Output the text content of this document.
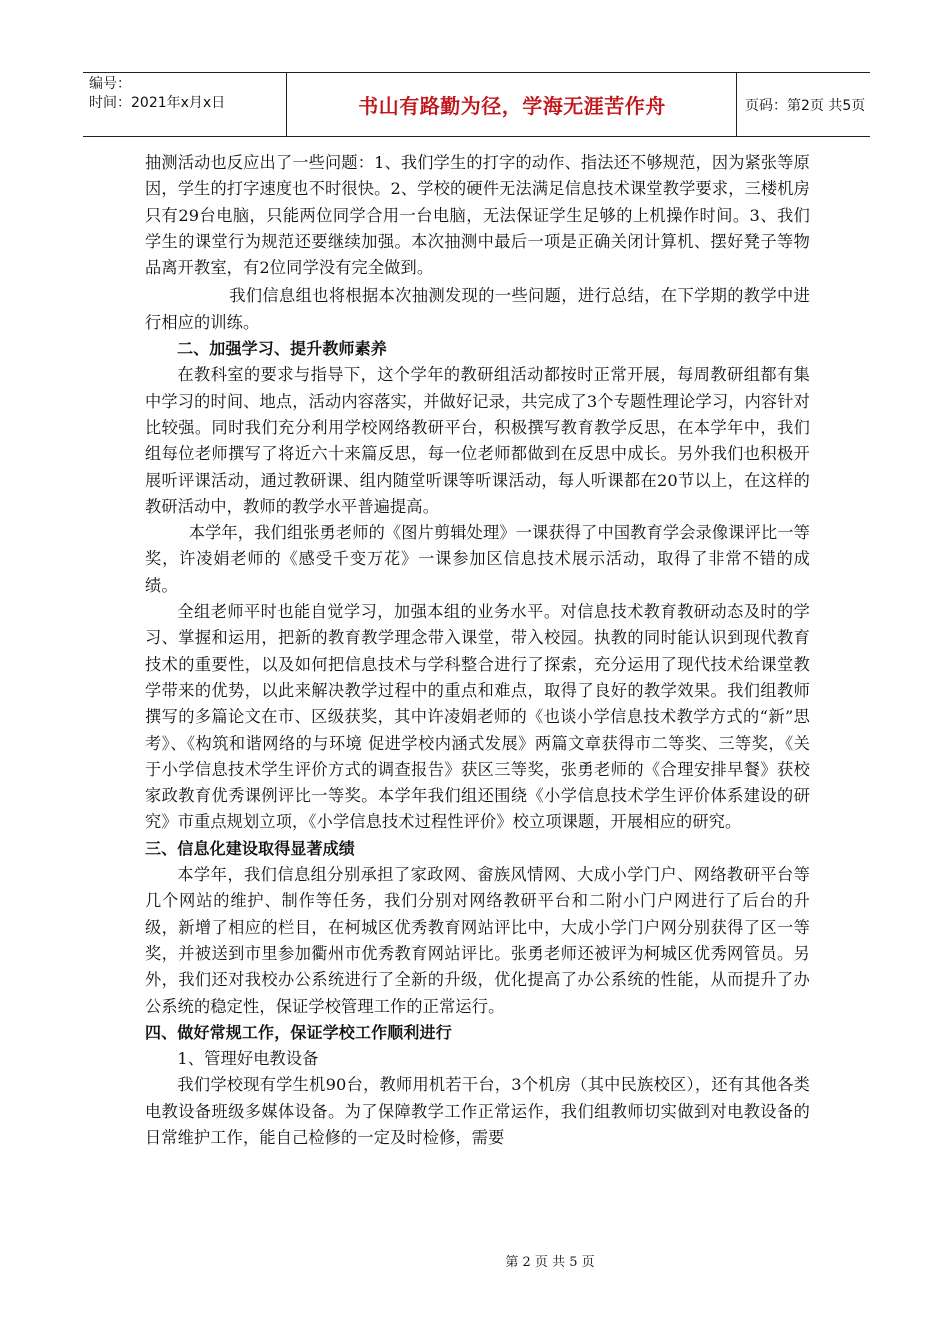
编号：
时间：2021年x月x日	书山有路勤为径，学海无涯苦作舟	页码：第2页 共5页

抽测活动也反应出了一些问题：1、我们学生的打字的动作、指法还不够规范，因为紧张等原因，学生的打字速度也不时很快。2、学校的硬件无法满足信息技术课堂教学要求，三楼机房只有29台电脑，只能两位同学合用一台电脑，无法保证学生足够的上机操作时间。3、我们学生的课堂行为规范还要继续加强。本次抽测中最后一项是正确关闭计算机、摆好凳子等物品离开教室，有2位同学没有完全做到。

我们信息组也将根据本次抽测发现的一些问题，进行总结，在下学期的教学中进行相应的训练。

二、加强学习、提升教师素养

在教科室的要求与指导下，这个学年的教研组活动都按时正常开展，每周教研组都有集中学习的时间、地点，活动内容落实，并做好记录，共完成了3个专题性理论学习，内容针对比较强。同时我们充分利用学校网络教研平台，积极撰写教育教学反思，在本学年中，我们组每位老师撰写了将近六十来篇反思，每一位老师都做到在反思中成长。另外我们也积极开展听评课活动，通过教研课、组内随堂听课等听课活动，每人听课都在20节以上，在这样的教研活动中，教师的教学水平普遍提高。

本学年，我们组张勇老师的《图片剪辑处理》一课获得了中国教育学会录像课评比一等奖，许凌娟老师的《感受千变万花》一课参加区信息技术展示活动，取得了非常不错的成绩。

全组老师平时也能自觉学习，加强本组的业务水平。对信息技术教育教研动态及时的学习、掌握和运用，把新的教育教学理念带入课堂，带入校园。执教的同时能认识到现代教育技术的重要性，以及如何把信息技术与学科整合进行了探索，充分运用了现代技术给课堂教学带来的优势，以此来解决教学过程中的重点和难点，取得了良好的教学效果。我们组教师撰写的多篇论文在市、区级获奖，其中许凌娟老师的《也谈小学信息技术教学方式的“新”思考》、《构筑和谐网络的与环境 促进学校内涵式发展》两篇文章获得市二等奖、三等奖，《关于小学信息技术学生评价方式的调查报告》获区三等奖，张勇老师的《合理安排早餐》获校家政教育优秀课例评比一等奖。本学年我们组还围绕《小学信息技术学生评价体系建设的研究》市重点规划立项，《小学信息技术过程性评价》校立项课题，开展相应的研究。

三、信息化建设取得显著成绩

本学年，我们信息组分别承担了家政网、畲族风情网、大成小学门户、网络教研平台等几个网站的维护、制作等任务，我们分别对网络教研平台和二附小门户网进行了后台的升级，新增了相应的栏目，在柯城区优秀教育网站评比中，大成小学门户网分别获得了区一等奖，并被送到市里参加衢州市优秀教育网站评比。张勇老师还被评为柯城区优秀网管员。另外，我们还对我校办公系统进行了全新的升级，优化提高了办公系统的性能，从而提升了办公系统的稳定性，保证学校管理工作的正常运行。

四、做好常规工作，保证学校工作顺利进行

1、管理好电教设备

我们学校现有学生机90台，教师用机若干台，3个机房（其中民族校区），还有其他各类电教设备班级多媒体设备。为了保障教学工作正常运作，我们组教师切实做到对电教设备的日常维护工作，能自己检修的一定及时检修，需要

第 2 页 共 5 页
